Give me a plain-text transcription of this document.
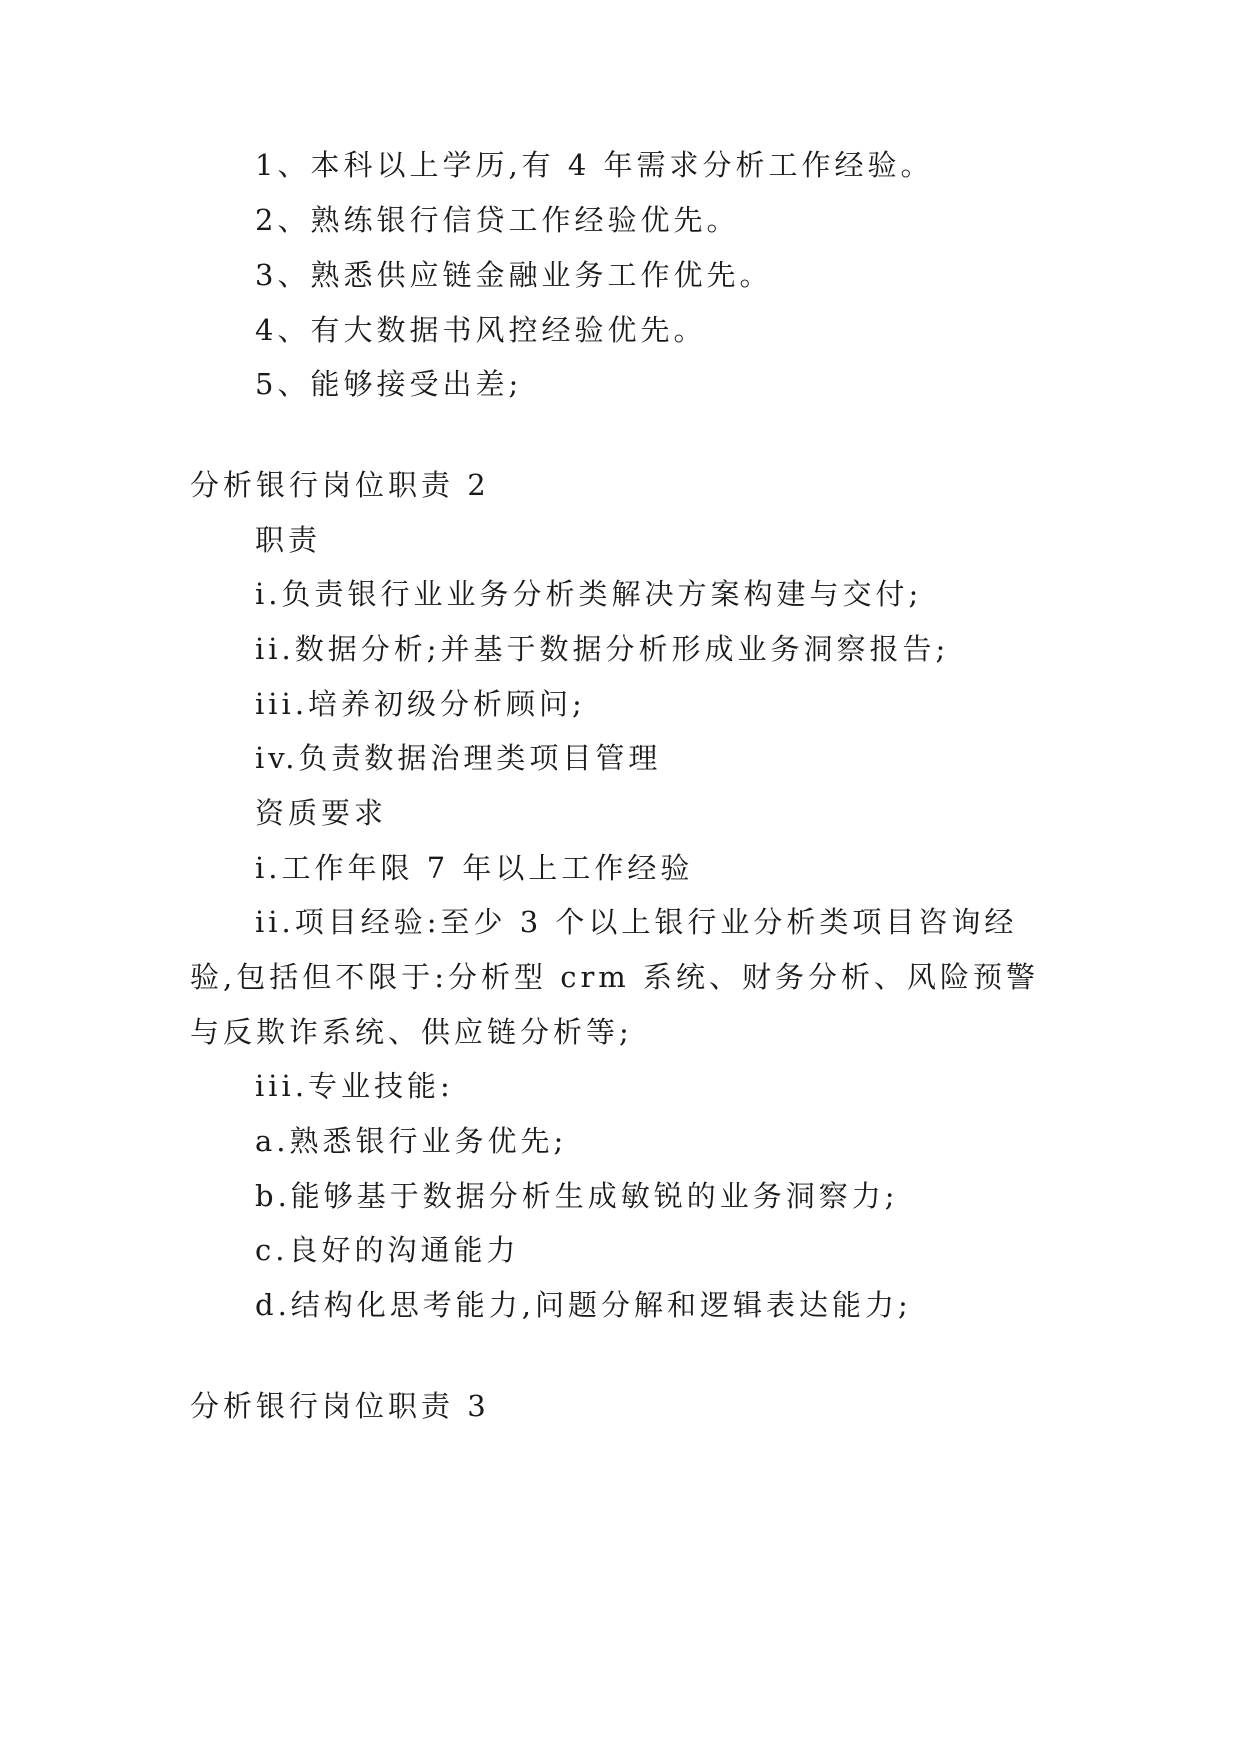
1、本科以上学历,有 4 年需求分析工作经验。
2、熟练银行信贷工作经验优先。
3、熟悉供应链金融业务工作优先。
4、有大数据书风控经验优先。
5、能够接受出差;
分析银行岗位职责 2
职责
i.负责银行业业务分析类解决方案构建与交付;
ii.数据分析;并基于数据分析形成业务洞察报告;
iii.培养初级分析顾问;
iv.负责数据治理类项目管理
资质要求
i.工作年限 7 年以上工作经验
ii.项目经验:至少 3 个以上银行业分析类项目咨询经
验,包括但不限于:分析型 crm 系统、财务分析、风险预警
与反欺诈系统、供应链分析等;
iii.专业技能:
a.熟悉银行业务优先;
b.能够基于数据分析生成敏锐的业务洞察力;
c.良好的沟通能力
d.结构化思考能力,问题分解和逻辑表达能力;
分析银行岗位职责 3
